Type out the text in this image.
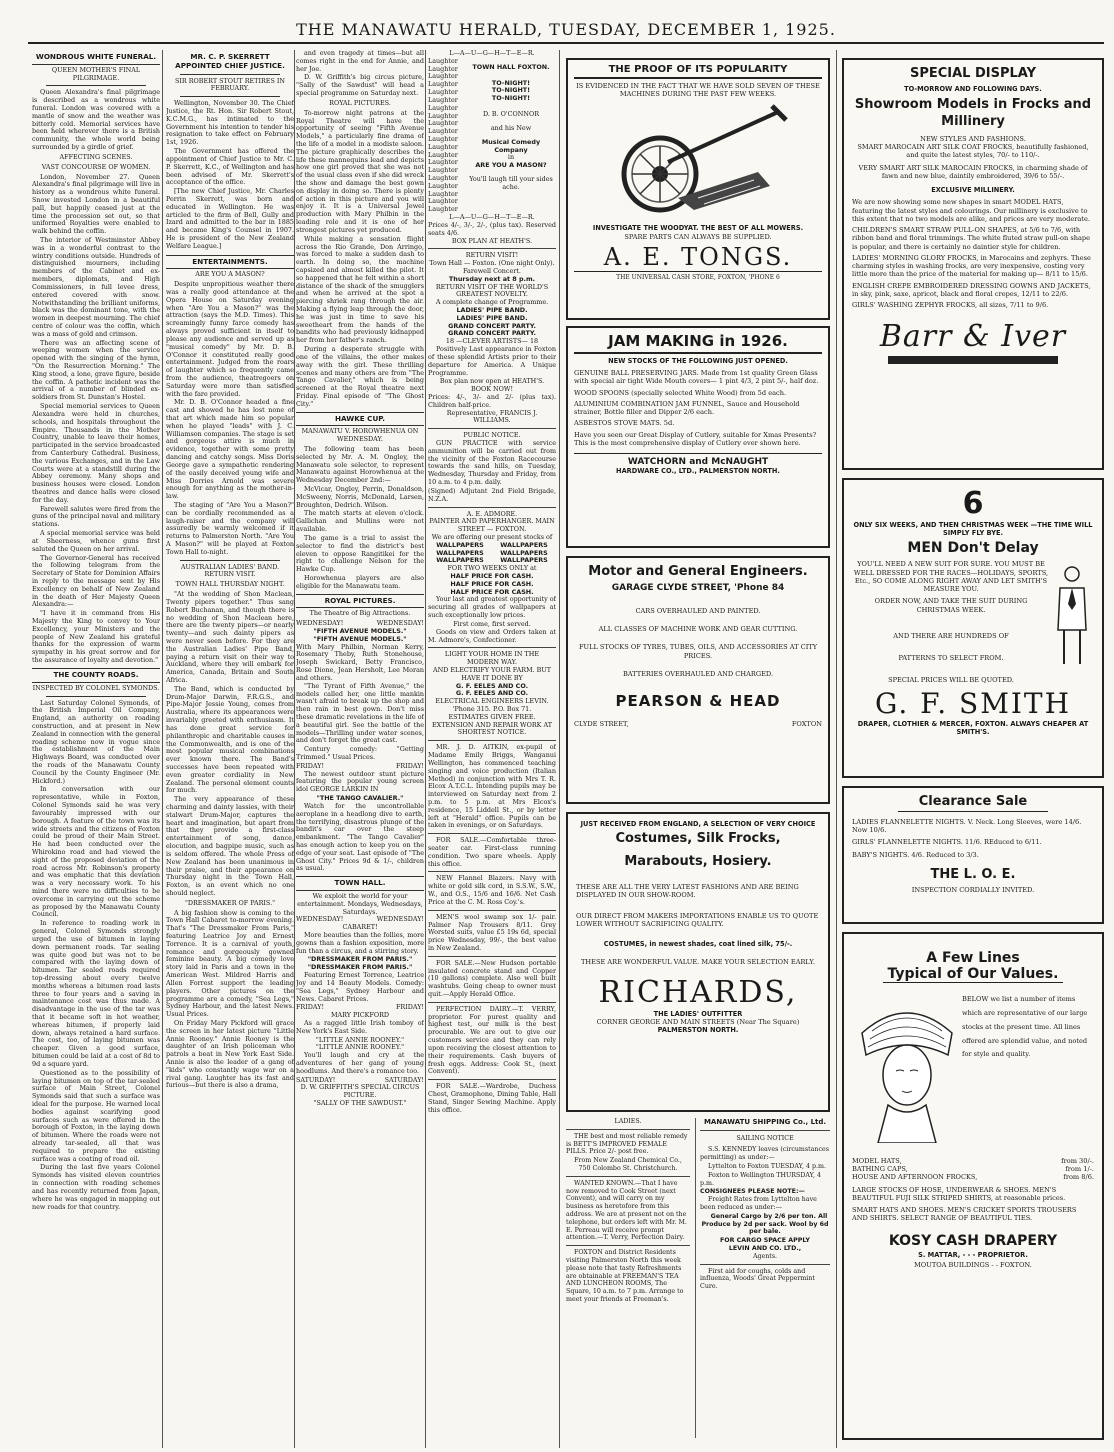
THE MANAWATU HERALD, TUESDAY, DECEMBER 1, 1925.
WONDROUS WHITE FUNERAL.
QUEEN MOTHER'S FINAL PILGRIMAGE.

Queen Alexandra's final pilgrimage is described as a wondrous white funeral. London was covered with a mantle of snow and the weather was bitterly cold. Memorial services have been held wherever there is a British community, the whole world being surrounded by a girdle of grief.

AFFECTING SCENES.
VAST CONCOURSE OF WOMEN.

London, November 27. Queen Alexandra's final pilgrimage will live in history as a wondrous white funeral. Snow invested London in a beautiful pall, but happily ceased just at the time the procession set out, so that uniformed Royalties were enabled to walk behind the coffin.

The interior of Westminster Abbey was in a wonderful contrast to the wintry conditions outside. Hundreds of distinguished mourners, including members of the Cabinet and ex-members, diplomats, and High Commissioners, in full levee dress, entered covered with snow. Notwithstanding the brilliant uniforms, black was the dominant tone, with the women in deepest mourning. The chief centre of colour was the coffin, which was a mass of gold and crimson.

There was an affecting scene of weeping women when the service opened with the singing of the hymn, "On the Resurrection Morning." The King stood, a lone, grave figure, beside the coffin. A pathetic incident was the arrival of a number of blinded ex-soldiers from St. Dunstan's Hostel.

Special memorial services to Queen Alexandra were held in churches, schools, and hospitals throughout the Empire. Thousands in the Mother Country, unable to leave their homes, participated in the service broadcasted from Canterbury Cathedral. Business, the various Exchanges, and in the Law Courts were at a standstill during the Abbey ceremony. Many shops and business houses were closed. London theatres and dance halls were closed for the day.

Farewell salutes were fired from the guns of the principal naval and military stations.

A special memorial service was held at Sheerness, whence guns first saluted the Queen on her arrival.

The Governor-General has received the following telegram from the Secretary of State for Dominion Affairs in reply to the message sent by His Excellency on behalf of New Zealand in the death of Her Majesty Queen Alexandra:—

"I have it in command from His Majesty the King to convey to Your Excellency, your Ministers and the people of New Zealand his grateful thanks for the expression of warm sympathy in his great sorrow and for the assurance of loyalty and devotion."

THE COUNTY ROADS.
INSPECTED BY COLONEL SYMONDS.

Last Saturday Colonel Symonds, of the British Imperial Oil Company, England, an authority on roading construction, and at present in New Zealand in connection with the general roading scheme now in vogue since the establishment of the Main Highways Board, was conducted over the roads of the Manawatu County Council by the County Engineer (Mr. Hickford.)

In conversation with our representative, while in Foxton, Colonel Symonds said he was very favourably impressed with our borough. A feature of the town was its wide streets and the citizens of Foxton could be proud of their Main Street. He had been conducted over the Whirokino road and had viewed the sight of the proposed deviation of the road across Mr. Robinson's property and was emphatic that this deviation was a very necessary work. To his mind there were no difficulties to be overcome in carrying out the scheme as proposed by the Manawatu County Council.

In reference to roading work in general, Colonel Symonds strongly urged the use of bitumen in laying down permanent roads. Tar sealing was quite good but was not to be compared with the laying down of bitumen. Tar sealed roads required top-dressing about every twelve months whereas a bitumen road lasts three to four years and a saving in maintenance cost was thus made. A disadvantage in the use of the tar was that it became soft in hot weather, whereas bitumen, if properly laid down, always retained a hard surface. The cost, too, of laying bitumen was cheaper. Given a good surface, bitumen could be laid at a cost of 8d to 9d a square yard.

Questioned as to the possibility of laying bitumen on top of the tar-sealed surface of Main Street, Colonel Symonds said that such a surface was ideal for the purpose. He warned local bodies against scarifying good surfaces such as were offered in the borough of Foxton, in the laying down of bitumen. Where the roads were not already tar-sealed, all that was required to prepare the existing surface was a coating of road oil.

During the last five years Colonel Symonds has visited eleven countries in connection with roading schemes and has recently returned from Japan, where he was engaged in mapping out new roads for that country.

MR. C. P. SKERRETT APPOINTED CHIEF JUSTICE.
SIR ROBERT STOUT RETIRES IN FEBRUARY.

Wellington, November 30. The Chief Justice, the Rt. Hon. Sir Robert Stout, K.C.M.G., has intimated to the Government his intention to tender his resignation to take effect on February 1st, 1926.

The Government has offered the appointment of Chief Justice to Mr. C. P. Skerrett, K.C., of Wellington and has been advised of Mr. Skerrett's acceptance of the office.

[The new Chief Justice, Mr. Charles Perrin Skerrett, was born and educated in Wellington. He was articled to the firm of Bell, Gully and Izard and admitted to the bar in 1885 and became King's Counsel in 1907. He is president of the New Zealand Welfare League.]

ENTERTAINMENTS.
ARE YOU A MASON?

Despite unpropitious weather there was a really good attendance at the Opera House on Saturday evening when "Are You a Mason?" was the attraction (says the M.D. Times). This screamingly funny farce comedy has always proved sufficient in itself to please any audience and served up as "musical comedy" by Mr. D. B. O'Connor it constituted really good entertainment. Judged from the roars of laughter which so frequently came from the audience, theatregoers on Saturday were more than satisfied with the fare provided.

Mr. D. B. O'Connor headed a fine cast and showed he has lost none of that art which made him so popular when he played "leads" with J. C. Williamson companies. The stage is set and gorgeous attire is much in evidence, together with some pretty dancing and catchy songs. Miss Doris George gave a sympathetic rendering of the easily deceived young wife and Miss Dorries Arnold was severe enough for anything as the mother-in-law.

The staging of "Are You a Mason?" can be cordially recommended as a laugh-raiser and the company will assuredly be warmly welcomed if it returns to Palmerston North. "Are You A Mason?" will be played at Foxton Town Hall to-night.

AUSTRALIAN LADIES' BAND. RETURN VISIT.
TOWN HALL THURSDAY NIGHT.

"At the wedding of Shon Maclean, Twenty pipers together." Thus sang Robert Buchanan, and though there is no wedding of Shon Maclean here, there are the twenty pipers—or nearly twenty—and such dainty pipers as were never seen before. For they are the Australian Ladies' Pipe Band, paying a return visit on their way to Auckland, where they will embark for America, Canada, Britain and South Africa.

The Band, which is conducted by Drum-Major Darwin, F.R.G.S., and Pipe-Major Jessie Young, comes from Australia, where its appearances were invariably greeted with enthusiasm. It has done great service for philanthropic and charitable causes in the Commonwealth, and is one of the most popular musical combinations ever known there. The Band's successes have been repeated with even greater cordiality in New Zealand. The personal element counts for much.

The very appearance of these charming and dainty lassies, with their stalwart Drum-Major, captures the heart and imagination, but apart from that they provide a first-class entertainment of song, dance, elocution, and bagpipe music, such as is seldom offered. The whole Press of New Zealand has been unanimous in their praise, and their appearance on Thursday night in the Town Hall, Foxton, is an event which no one should neglect.

"DRESSMAKER OF PARIS."

A big fashion show is coming to the Town Hall Cabaret to-morrow evening. That's "The Dressmaker From Paris," featuring Leatrice Joy and Ernest Torrence. It is a carnival of youth, romance and gorgeously gowned feminine beauty. A big comedy love story laid in Paris and a town in the American West. Mildred Harris and Allen Forrest support the leading players. Other pictures on the programme are a comedy, "Sea Legs," Sydney Harbour, and the latest News. Usual Prices.

On Friday Mary Pickford will grace the screen in her latest picture "Little Annie Rooney." Annie Rooney is the daughter of an Irish policeman who patrols a beat in New York East Side. Annie is also the leader of a gang of "kids" who constantly wage war on a rival gang. Laughter has its fast and furious—but there is also a drama,

and even tragedy at times—but all comes right in the end for Annie, and her Joe.

D. W. Griffith's big circus picture, "Sally of the Sawdust" will head a special programme on Saturday next.

ROYAL PICTURES.

To-morrow night patrons at the Royal Theatre will have the opportunity of seeing "Fifth Avenue Models," a particularly fine drama of the life of a model in a modiste saloon. The picture graphically describes the life these mannequins lead and depicts how one girl proved that she was not of the usual class even if she did wreck the show and damage the best gown on display in doing so. There is plenty of action in this picture and you will enjoy it. It is a Universal Jewel production with Mary Philbin in the leading role and it is one of her strongest pictures yet produced.

While making a sensation flight across the Rio Grande, Don Arringo, was forced to make a sudden dash to earth. In doing so, the machine capsized and almost killed the pilot. It so happened that he felt within a short distance of the shack of the smugglers and when he arrived at the spot a piercing shriek rang through the air. Making a flying leap through the door, he was just in time to save his sweetheart from the hands of the bandits who had previously kidnapped her from her father's ranch.

During a desperate struggle with one of the villains, the other makes away with the girl. These thrilling scenes and many others are from "The Tango Cavalier," which is being screened at the Royal theatre next Friday. Final episode of "The Ghost City."

HAWKE CUP.
MANAWATU V. HOROWHENUA ON WEDNESDAY.

The following team has been selected by Mr. A. M. Ongley, the Manawatu sole selector, to represent Manawatu against Horowhenua at the Wednesday December 2nd:—

McVicar, Ongley, Perrin, Donaldson, McSweeny, Norris, McDonald, Larsen, Broughton, Dedrich. Wilson.

The match starts at eleven o'clock. Gallichan and Mullins were not available.

The game is a trial to assist the selector to find the district's best eleven to oppose Rangitikei for the right to challenge Nelson for the Hawke Cup.

Horowhenua players are also eligible for the Manawatu team.

ROYAL PICTURES.
The Theatre of Big Attractions.
WEDNESDAY!	WEDNESDAY!
"FIFTH AVENUE MODELS."
"FIFTH AVENUE MODELS."

With Mary Philbin, Norman Kerry, Rosemary Theby, Ruth Stonehouse, Joseph Swickard, Betty Francisco, Rose Dione, Jean Hersholt, Lee Moran and others.

"The Tyrant of Fifth Avenue," the models called her, one little mankin wasn't afraid to break up the shop and then rain in best gown. Don't miss these dramatic revelations in the life of a beautiful girl. See the battle of the models—Thrilling under water scenes, and don't forget the great cast.

Century comedy: "Getting Trimmed." Usual Prices.

FRIDAY!	FRIDAY!

The newest outdoor stunt picture featuring the popular young screen idol GEORGE LARKIN IN

"THE TANGO CAVALIER."

Watch for the uncontrollable aeroplane in a headlong dive to earth, the terrifying, disastrous plunge of the bandit's car over the steep embankment. "The Tango Cavalier" has enough action to keep you on the edge of your seat. Last episode of "The Ghost City." Prices 9d & 1/-, children as usual.

TOWN HALL.

We exploit the world for your entertainment. Mondays, Wednesdays, Saturdays.

WEDNESDAY!	WEDNESDAY!
CABARET!

More beauties than the follies, more gowns than a fashion exposition, more fun than a circus, and a stirring story.

"DRESSMAKER FROM PARIS."
"DRESSMAKER FROM PARIS."

Featuring Ernest Torrence, Leatrice Joy and 14 Beauty Models. Comedy: "Sea Legs," Sydney Harbour and News. Cabaret Prices.

FRIDAY!	FRIDAY!
MARY PICKFORD

As a ragged little Irish tomboy of New York's East Side.

"LITTLE ANNIE ROONEY."
"LITTLE ANNIE ROONEY."

You'll laugh and cry at the adventures of her gang of young hoodlums. And there's a romance too.

SATURDAY!	SATURDAY!
D. W. GRIFFITH'S SPECIAL CIRCUS PICTURE.
"SALLY OF THE SAWDUST."
L—A—U—G—H—T—E—R.
Laughter
Laughter
Laughter
Laughter
Laughter
Laughter
Laughter
Laughter
Laughter
Laughter
Laughter
Laughter
Laughter
Laughter
Laughter
Laughter
Laughter
Laughter
Laughter
Laughter
TOWN HALL FOXTON.
TO-NIGHT!
TO-NIGHT!
TO-NIGHT!
D. B. O'CONNOR
and his New
Musical Comedy Company
in
ARE YOU A MASON?
You'll laugh till your sides ache.
L—A—U—G—H—T—E—R.

Prices 4/-, 3/-, 2/-, (plus tax). Reserved seats 4/6.

BOX PLAN AT HEATH'S.
RETURN VISIT!
Town Hall — Foxton. (One night Only).
Farewell Concert.
Thursday next at 8 p.m.
RETURN VISIT OF THE WORLD'S GREATEST NOVELTY.
A complete change of Programme.
LADIES' PIPE BAND.
LADIES' PIPE BAND.
GRAND CONCERT PARTY.
GRAND CONCERT PARTY.
18 —CLEVER ARTISTS— 18

Positively Last appearance in Foxton of these splendid Artists prior to their departure for America. A Unique Programme.

Box plan now open at HEATH'S.
BOOK NOW!

Prices: 4/-, 3/- and 2/- (plus tax). Children half-price.

Representative, FRANCIS J. WILLIAMS.
PUBLIC NOTICE.

GUN PRACTICE with service ammunition will be carried out from the vicinity of the Foxton Racecourse towards the sand hills, on Tuesday, Wednesday, Thursday and Friday, from 10 a.m. to 4 p.m. daily.

(Signed) Adjutant 2nd Field Brigade, N.Z.A.
A. E. ADMORE.
PAINTER AND PAPERHANGER. MAIN STREET — FOXTON.
We are offering our present stocks of
WALLPAPERS	WALLPAPERS
WALLPAPERS	WALLPAPERS
WALLPAPERS	WALLPAPERS
FOR TWO WEEKS ONLY at
HALF PRICE FOR CASH.
HALF PRICE FOR CASH.
HALF PRICE FOR CASH.

Your last and greatest opportunity of securing all grades of wallpapers at such exceptionally low prices.

First come, first served.

Goods on view and Orders taken at M. Admore's, Confectioner.

LIGHT YOUR HOME IN THE MODERN WAY.
AND ELECTRIFY YOUR FARM. BUT HAVE IT DONE BY
G. F. EELES AND CO.
G. F. EELES AND CO.
ELECTRICAL ENGINEERS LEVIN.
'Phone 315. P.O. Box 71.
ESTIMATES GIVEN FREE. EXTENSION AND REPAIR WORK AT SHORTEST NOTICE.

MR. J. D. AITKIN, ex-pupil of Madame Emily Briggs, Wanganui Wellington, has commenced teaching singing and voice production (Italian Method) in conjunction with Mrs T. R. Elcox A.T.C.L. Intending pupils may be interviewed on Saturday next from 2 p.m. to 5 p.m. at Mrs Elcox's residence, 15 Liddell St., or by letter left at "Herald" office. Pupils can be taken in evenings, or on Saturdays.

FOR SALE.—Comfortable three-seater car. First-class running condition. Two spare wheels. Apply this office.

NEW Flannel Blazers. Navy with white or gold silk cord, in S.S.W., S.W., W., and O.S., 15/6 and 16/6. Net Cash Price at the C. M. Ross Coy.'s.

MEN'S wool swamp sox 1/- pair. Palmer Nap Trousers 8/11. Grey Worsted suits, value £5 19s 6d, special price Wednesday, 99/-, the best value in New Zealand.

FOR SALE.—New Hudson portable insulated concrete stand and Copper (10 gallons) complete. Also well built washtubs. Going cheap to owner must quit.—Apply Herald Office.

PERFECTION DAIRY.—T. VERRY, proprietor. For purest quality and highest test, our milk is the best procurable. We are out to give our customers service and they can rely upon receiving the closest attention to their requirements. Cash buyers of fresh eggs. Address: Cook St., (next Convent).

FOR SALE.—Wardrobe, Duchess Chest, Gramophone, Dining Table, Hall Stand, Singer Sewing Machine. Apply this office.

THE PROOF OF ITS POPULARITY
IS EVIDENCED IN THE FACT THAT WE HAVE SOLD SEVEN OF THESE MACHINES DURING THE PAST FEW WEEKS.
INVESTIGATE THE WOODYAT. THE BEST OF ALL MOWERS.
SPARE PARTS CAN ALWAYS BE SUPPLIED.
A. E. TONGS.
THE UNIVERSAL CASH STORE, FOXTON, 'PHONE 6
JAM MAKING in 1926.
NEW STOCKS OF THE FOLLOWING JUST OPENED.

GENUINE BALL PRESERVING JARS. Made from 1st quality Green Glass with special air tight Wide Mouth covers— 1 pint 4/3, 2 pint 5/-, half doz.

WOOD SPOONS (specially selected White Wood) from 5d each.

ALUMINIUM COMBINATION JAM FUNNEL, Sauce and Household strainer, Bottle filler and Dipper 2/6 each.

ASBESTOS STOVE MATS. 5d.

Have you seen our Great Display of Cutlery, suitable for Xmas Presents? This is the most comprehensive display of Cutlery ever shown here.

WATCHORN and McNAUGHT
HARDWARE CO., LTD., PALMERSTON NORTH.
Motor and General Engineers.
GARAGE CLYDE STREET, 'Phone 84
CARS OVERHAULED AND PAINTED.
ALL CLASSES OF MACHINE WORK AND GEAR CUTTING.
FULL STOCKS OF TYRES, TUBES, OILS, AND ACCESSORIES AT CITY PRICES.
BATTERIES OVERHAULED AND CHARGED.
PEARSON & HEAD
CLYDE STREET,	FOXTON
JUST RECEIVED FROM ENGLAND, A SELECTION OF VERY CHOICE
Costumes, Silk Frocks,
Marabouts, Hosiery.
THESE ARE ALL THE VERY LATEST FASHIONS AND ARE BEING DISPLAYED IN OUR SHOW-ROOM.
OUR DIRECT FROM MAKERS IMPORTATIONS ENABLE US TO QUOTE LOWER WITHOUT SACRIFICING QUALITY.
COSTUMES, in newest shades, coat lined silk, 75/-.
THESE ARE WONDERFUL VALUE. MAKE YOUR SELECTION EARLY.
RICHARDS,
THE LADIES' OUTFITTER
CORNER GEORGE AND MAIN STREETS (Near The Square)
PALMERSTON NORTH.
LADIES.

THE best and most reliable remedy is BETT'S IMPROVED FEMALE PILLS. Price 2/- post free.

From New Zealand Chemical Co.,
750 Colombo St. Christchurch.

WANTED KNOWN.—That I have now removed to Cook Street (next Convent), and will carry on my business as heretofore from this address. We are at present not on the telephone, but orders left with Mr. M. E. Perreau will receive prompt attention.—T. Verry, Perfection Dairy.

FOXTON and District Residents visiting Palmerston North this week please note that tasty Refreshments are obtainable at FREEMAN'S TEA AND LUNCHEON ROOMS, The Square, 10 a.m. to 7 p.m. Arrange to meet your friends at Freeman's.

MANAWATU SHIPPING Co., Ltd.
SAILING NOTICE

S.S. KENNEDY leaves (circumstances permitting) as under:—

Lyttelton to Foxton TUESDAY, 4 p.m.

Foxton to Wellington THURSDAY, 4 p.m.

CONSIGNEES PLEASE NOTE:—

Freight Rates from Lyttelton have been reduced as under:—

General Cargo by 2/6 per ton. All Produce by 2d per sack. Wool by 6d per bale.

FOR CARGO SPACE APPLY

LEVIN AND CO. LTD.,

Agents.

First aid for coughs, colds and influenza, Woods' Great Peppermint Cure.

SPECIAL DISPLAY
TO-MORROW AND FOLLOWING DAYS.
Showroom Models in Frocks and Millinery
NEW STYLES AND FASHIONS.

SMART MAROCAIN ART SILK COAT FROCKS, beautifully fashioned, and quite the latest styles, 70/- to 110/-.

VERY SMART ART SILK MAROCAIN FROCKS, in charming shade of fawn and new blue, daintily embroidered, 39/6 to 55/-.

EXCLUSIVE MILLINERY.

We are now showing some new shapes in smart MODEL HATS, featuring the latest styles and colourings. Our millinery is exclusive to this extent that no two models are alike, and prices are very moderate.

CHILDREN'S SMART STRAW PULL-ON SHAPES, at 5/6 to 7/6, with ribbon band and floral trimmings. The white fluted straw pull-on shape is popular, and there is certainly no daintier style for children.

LADIES' MORNING GLORY FROCKS, in Marocains and zephyrs. These charming styles in washing frocks, are very inexpensive, costing very little more than the price of the material for making up— 8/11 to 15/6.

ENGLISH CREPE EMBROIDERED DRESSING GOWNS AND JACKETS, in sky, pink, saxe, apricot, black and floral crepes, 12/11 to 22/6.

GIRLS' WASHING ZEPHYR FROCKS, all sizes, 7/11 to 9/6.

Barr & Iver
6
ONLY SIX WEEKS, AND THEN CHRISTMAS WEEK —THE TIME WILL SIMPLY FLY BYE.
MEN Don't Delay

YOU'LL NEED A NEW SUIT FOR SURE. YOU MUST BE WELL DRESSED FOR THE RACES—HOLIDAYS, SPORTS, Etc., SO COME ALONG RIGHT AWAY AND LET SMITH'S MEASURE YOU.

ORDER NOW, AND TAKE THE SUIT DURING CHRISTMAS WEEK.

AND THERE ARE HUNDREDS OF

PATTERNS TO SELECT FROM.

SPECIAL PRICES WILL BE QUOTED.

G. F. SMITH
DRAPER, CLOTHIER & MERCER, FOXTON. ALWAYS CHEAPER AT SMITH'S.
Clearance Sale

LADIES FLANNELETTE NIGHTS. V. Neck. Long Sleeves, were 14/6. Now 10/6.

GIRLS' FLANNELETTE NIGHTS. 11/6. REduced to 6/11.

BABY'S NIGHTS. 4/6. Reduced to 3/3.

THE L. O. E.
INSPECTION CORDIALLY INVITED.
A Few Lines
Typical of Our Values.

BELOW we list a number of items which are representative of our large stocks at the present time. All lines offered are splendid value, and noted for style and quality.

MODEL HATS,	from 30/-.
BATHING CAPS,	from 1/-.
HOUSE AND AFTERNOON FROCKS,	from 8/6.

LARGE STOCKS OF HOSE, UNDERWEAR & SHOES. MEN'S BEAUTIFUL FUJI SILK STRIPED SHIRTS, at reasonable prices.

SMART HATS AND SHOES. MEN'S CRICKET SPORTS TROUSERS AND SHIRTS. SELECT RANGE OF BEAUTIFUL TIES.

KOSY CASH DRAPERY
S. MATTAR, - - - PROPRIETOR.
MOUTOA BUILDINGS - - FOXTON.
